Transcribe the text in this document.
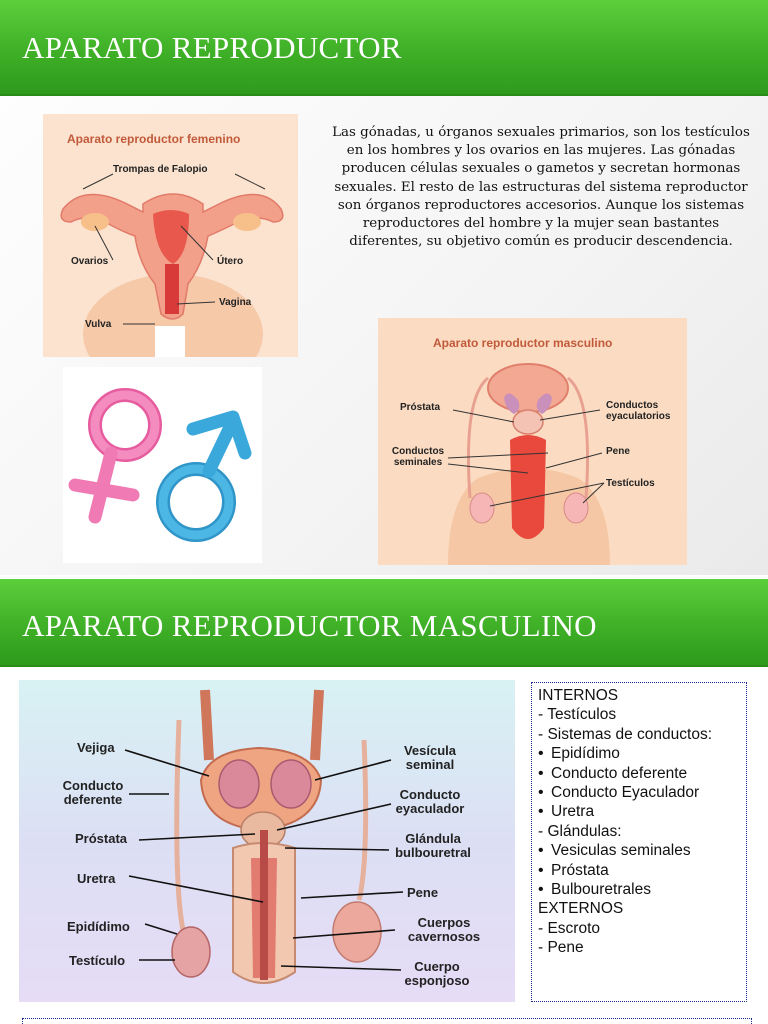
APARATO REPRODUCTOR
Aparato reproductor femenino
Trompas de Falopio
Ovarios	Útero
Vagina
Vulva
Las gónadas, u órganos sexuales primarios, son los testículos en los hombres y los ovarios en las mujeres. Las gónadas producen células sexuales o gametos y secretan hormonas sexuales. El resto de las estructuras del sistema reproductor son órganos reproductores accesorios. Aunque los sistemas reproductores del hombre y la mujer sean bastantes diferentes, su objetivo común es producir descendencia.
Aparato reproductor masculino
Próstata	Conductos eyaculatorios
Conductos seminales
Pene
Testículos
APARATO REPRODUCTOR MASCULINO
Vejiga
Conducto deferente
Próstata
Uretra
Epidídimo
Testículo
Vesícula seminal
Conducto eyaculador
Glándula bulbouretral
Pene
Cuerpos cavernosos
Cuerpo esponjoso
INTERNOS
- Testículos
- Sistemas de conductos:
• Epidídimo
• Conducto deferente
• Conducto Eyaculador
• Uretra
- Glándulas:
• Vesiculas seminales
• Próstata
• Bulbouretrales
EXTERNOS
- Escroto
- Pene
